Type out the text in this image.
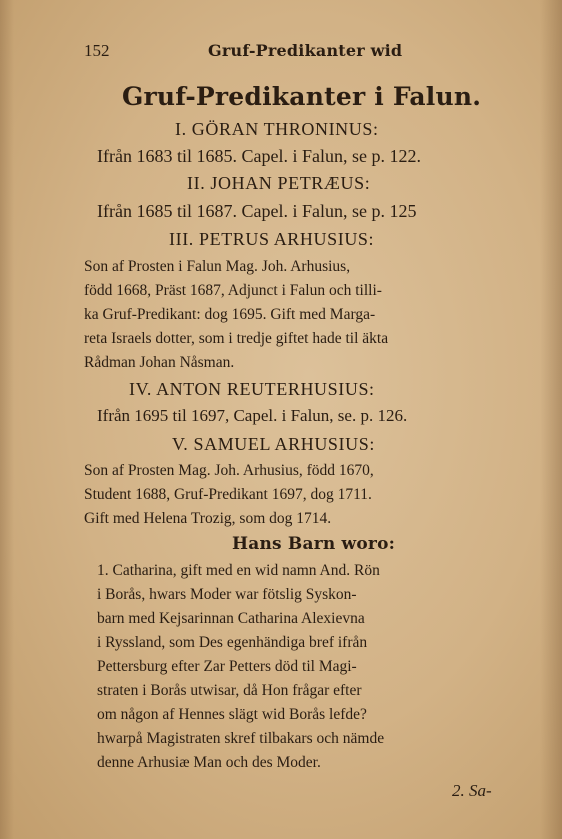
152	Gruf-Predikanter wid
Gruf-Predikanter i Falun.
I. GÖRAN THRONINUS:
Ifrån 1683 til 1685. Capel. i Falun, se p. 122.
II. JOHAN PETRÆUS:
Ifrån 1685 til 1687. Capel. i Falun, se p. 125
III. PETRUS ARHUSIUS:
Son af Prosten i Falun Mag. Joh. Arhusius,
född 1668, Präst 1687, Adjunct i Falun och tilli-
ka Gruf-Predikant: dog 1695. Gift med Marga-
reta Israels dotter, som i tredje giftet hade til äkta
Rådman Johan Nåsman.
IV. ANTON REUTERHUSIUS:
Ifrån 1695 til 1697, Capel. i Falun, se. p. 126.
V. SAMUEL ARHUSIUS:
Son af Prosten Mag. Joh. Arhusius, född 1670,
Student 1688, Gruf-Predikant 1697, dog 1711.
Gift med Helena Trozig, som dog 1714.
Hans Barn woro:
1. Catharina, gift med en wid namn And. Rön
i Borås, hwars Moder war fötslig Syskon-
barn med Kejsarinnan Catharina Alexievna
i Ryssland, som Des egenhändiga bref ifrån
Pettersburg efter Zar Petters död til Magi-
straten i Borås utwisar, då Hon frågar efter
om någon af Hennes slägt wid Borås lefde?
hwarpå Magistraten skref tilbakars och nämde
denne Arhusiæ Man och des Moder.
2. Sa-
